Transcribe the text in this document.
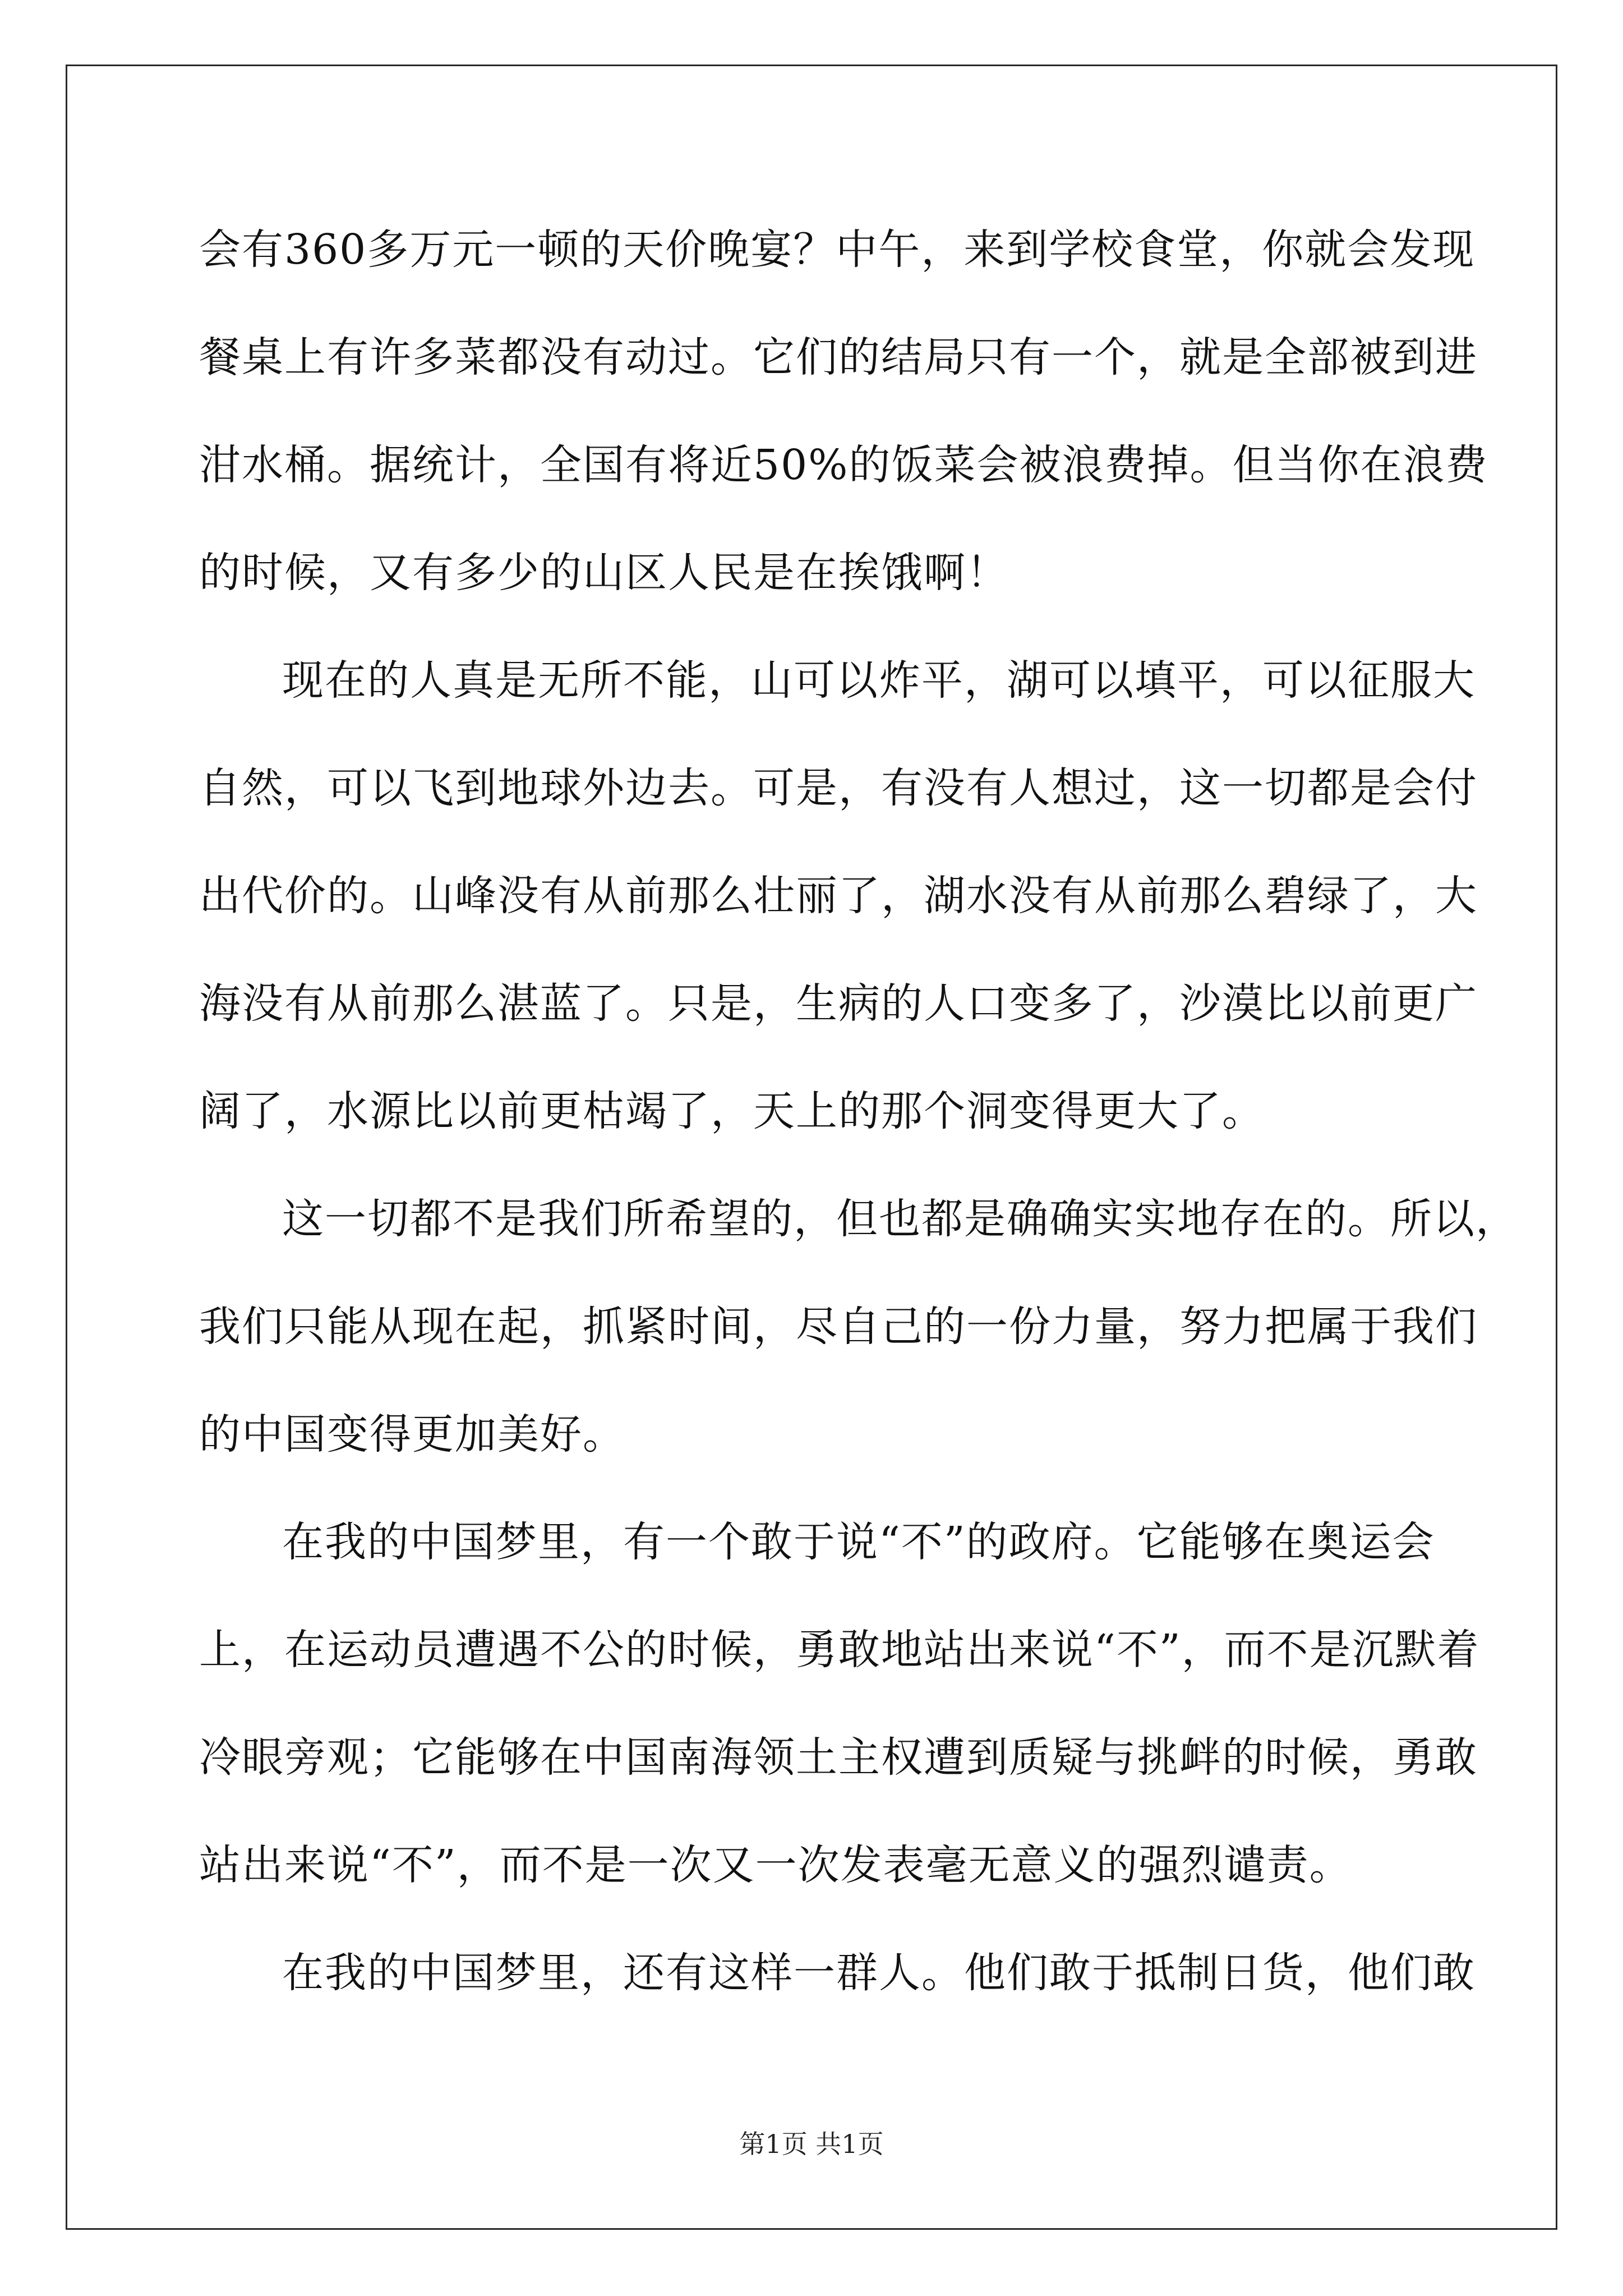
会有360多万元一顿的天价晚宴？中午，来到学校食堂，你就会发现
餐桌上有许多菜都没有动过。它们的结局只有一个，就是全部被到进
泔水桶。据统计，全国有将近50%的饭菜会被浪费掉。但当你在浪费
的时候，又有多少的山区人民是在挨饿啊！
现在的人真是无所不能，山可以炸平，湖可以填平，可以征服大
自然，可以飞到地球外边去。可是，有没有人想过，这一切都是会付
出代价的。山峰没有从前那么壮丽了，湖水没有从前那么碧绿了，大
海没有从前那么湛蓝了。只是，生病的人口变多了，沙漠比以前更广
阔了，水源比以前更枯竭了，天上的那个洞变得更大了。
这一切都不是我们所希望的，但也都是确确实实地存在的。所以，
我们只能从现在起，抓紧时间，尽自己的一份力量，努力把属于我们
的中国变得更加美好。
在我的中国梦里，有一个敢于说“不”的政府。它能够在奥运会
上，在运动员遭遇不公的时候，勇敢地站出来说“不”，而不是沉默着
冷眼旁观；它能够在中国南海领土主权遭到质疑与挑衅的时候，勇敢
站出来说“不”，而不是一次又一次发表毫无意义的强烈谴责。
在我的中国梦里，还有这样一群人。他们敢于抵制日货，他们敢
第1页 共1页
